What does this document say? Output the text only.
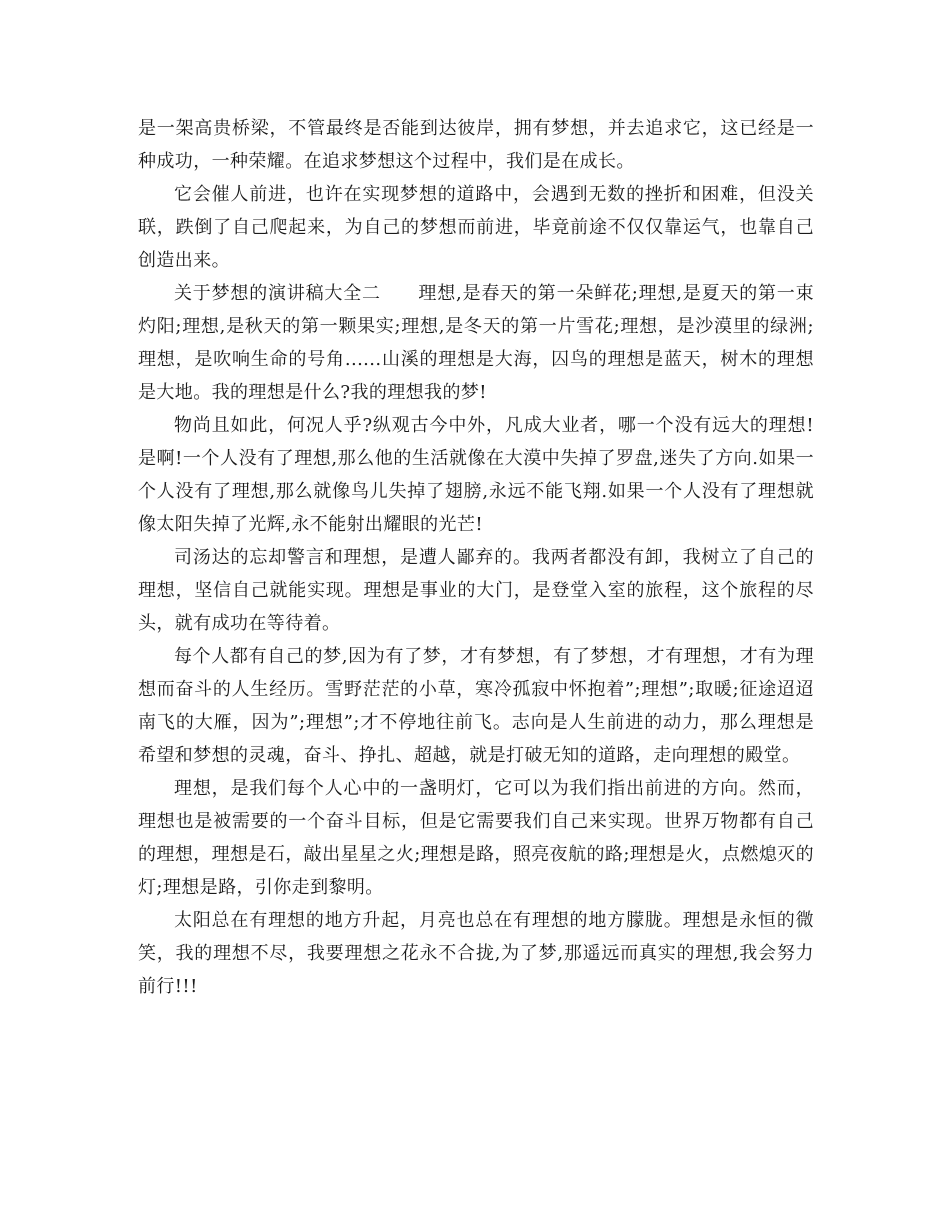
是一架高贵桥梁，不管最终是否能到达彼岸，拥有梦想，并去追求它，这已经是一种成功，一种荣耀。在追求梦想这个过程中，我们是在成长。

它会催人前进，也许在实现梦想的道路中，会遇到无数的挫折和困难，但没关联，跌倒了自己爬起来，为自己的梦想而前进，毕竟前途不仅仅靠运气，也靠自己创造出来。

关于梦想的演讲稿大全二　　理想,是春天的第一朵鲜花;理想,是夏天的第一束灼阳;理想,是秋天的第一颗果实;理想,是冬天的第一片雪花;理想，是沙漠里的绿洲;理想，是吹响生命的号角......山溪的理想是大海，囚鸟的理想是蓝天，树木的理想是大地。我的理想是什么?我的理想我的梦!

物尚且如此，何况人乎?纵观古今中外，凡成大业者，哪一个没有远大的理想!是啊!一个人没有了理想,那么他的生活就像在大漠中失掉了罗盘,迷失了方向.如果一个人没有了理想,那么就像鸟儿失掉了翅膀,永远不能飞翔.如果一个人没有了理想就像太阳失掉了光辉,永不能射出耀眼的光芒!

司汤达的忘却警言和理想，是遭人鄙弃的。我两者都没有卸，我树立了自己的理想，坚信自己就能实现。理想是事业的大门，是登堂入室的旅程，这个旅程的尽头，就有成功在等待着。

每个人都有自己的梦,因为有了梦，才有梦想，有了梦想，才有理想，才有为理想而奋斗的人生经历。雪野茫茫的小草，寒冷孤寂中怀抱着”;理想”;取暖;征途迢迢南飞的大雁，因为”;理想”;才不停地往前飞。志向是人生前进的动力，那么理想是希望和梦想的灵魂，奋斗、挣扎、超越，就是打破无知的道路，走向理想的殿堂。

理想，是我们每个人心中的一盏明灯，它可以为我们指出前进的方向。然而，理想也是被需要的一个奋斗目标，但是它需要我们自己来实现。世界万物都有自己的理想，理想是石，敲出星星之火;理想是路，照亮夜航的路;理想是火，点燃熄灭的灯;理想是路，引你走到黎明。

太阳总在有理想的地方升起，月亮也总在有理想的地方朦胧。理想是永恒的微笑，我的理想不尽，我要理想之花永不合拢,为了梦,那遥远而真实的理想,我会努力前行!!!
